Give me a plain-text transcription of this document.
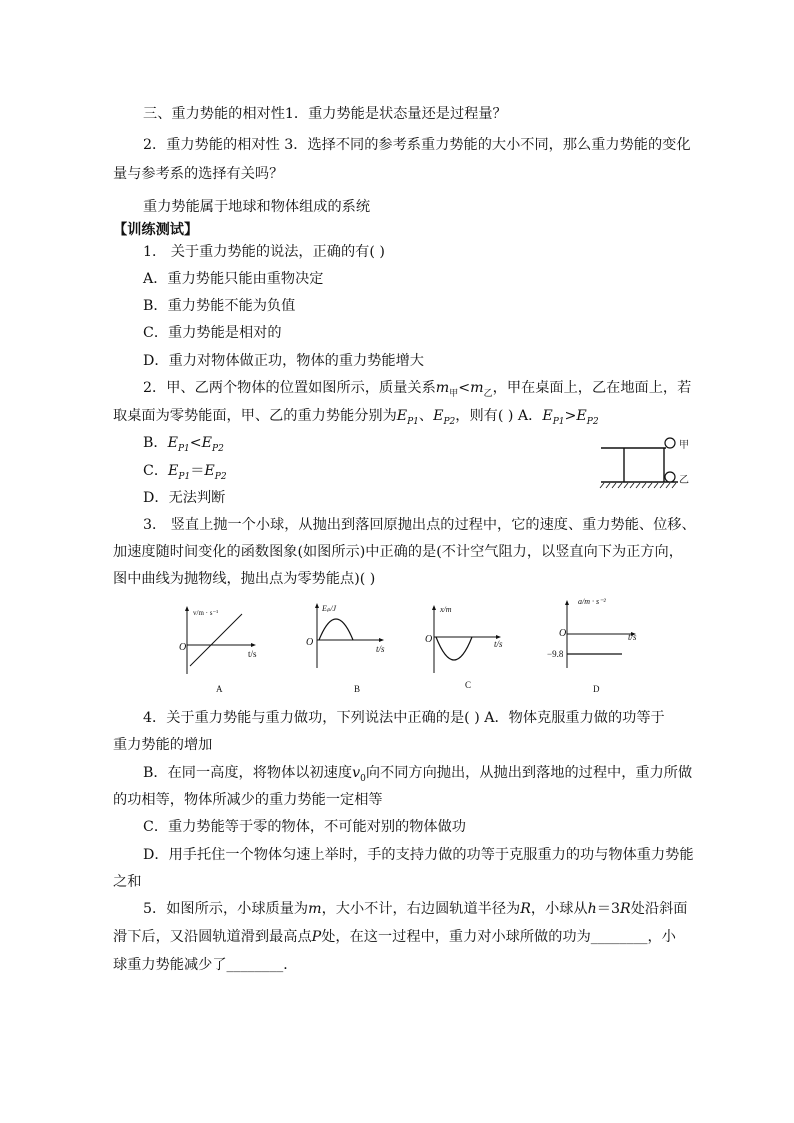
三、重力势能的相对性1．重力势能是状态量还是过程量？
2．重力势能的相对性 3．选择不同的参考系重力势能的大小不同，那么重力势能的变化
量与参考系的选择有关吗？
重力势能属于地球和物体组成的系统
【训练测试】
1． 关于重力势能的说法，正确的有( )
A．重力势能只能由重物决定
B．重力势能不能为负值
C．重力势能是相对的
D．重力对物体做正功，物体的重力势能增大
2．甲、乙两个物体的位置如图所示，质量关系$m_甲<m_乙$，甲在桌面上，乙在地面上，若
取桌面为零势能面，甲、乙的重力势能分别为$E_{P1}$、$E_{P2}$，则有( ) A．$E_{P1}>E_{P2}$
B．$E_{P1}<E_{P2}$
C．$E_{P1}=E_{P2}$
D．无法判断
甲
乙
3． 竖直上抛一个小球，从抛出到落回原抛出点的过程中，它的速度、重力势能、位移、
加速度随时间变化的函数图象(如图所示)中正确的是(不计空气阻力，以竖直向下为正方向，
图中曲线为抛物线，抛出点为零势能点)( )
v/m · s⁻¹
O
t/s
A
Eₚ/J
O
t/s
B
x/m
O	t/s
C
a/m · s⁻²
O	t/s
−9.8
D
4．关于重力势能与重力做功，下列说法中正确的是( ) A．物体克服重力做的功等于
重力势能的增加
B．在同一高度，将物体以初速度$v_0$向不同方向抛出，从抛出到落地的过程中，重力所做
的功相等，物体所减少的重力势能一定相等
C．重力势能等于零的物体，不可能对别的物体做功
D．用手托住一个物体匀速上举时，手的支持力做的功等于克服重力的功与物体重力势能
之和
5．如图所示，小球质量为m，大小不计，右边圆轨道半径为R，小球从h＝3R处沿斜面
滑下后，又沿圆轨道滑到最高点P处，在这一过程中，重力对小球所做的功为________，小
球重力势能减少了________．
